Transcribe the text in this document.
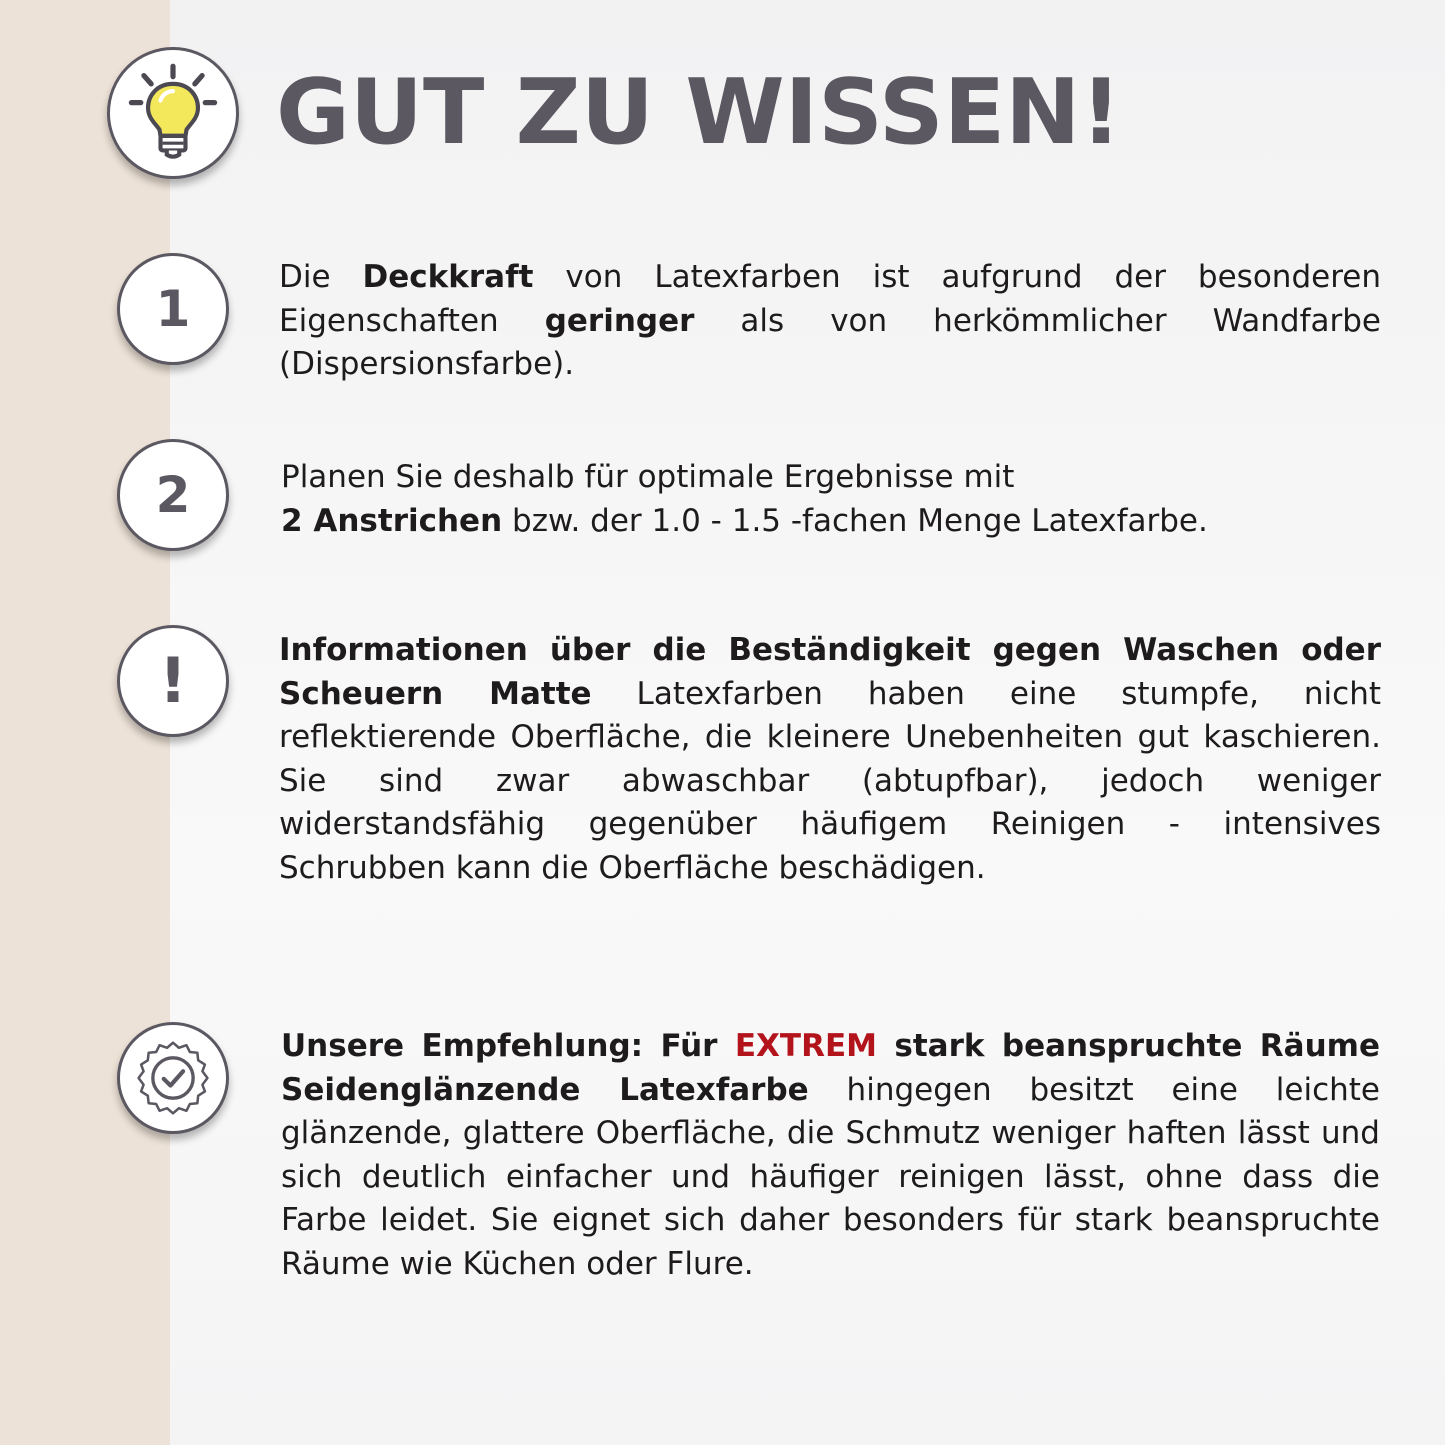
GUT ZU WISSEN!
1

Die Deckkraft von Latexfarben ist aufgrund der besonderen Eigenschaften geringer als von herkömmlicher Wandfarbe (Dispersionsfarbe).

2	Planen Sie deshalb für optimale Ergebnisse mit
2 Anstrichen bzw. der 1.0 - 1.5 -fachen Menge Latexfarbe.
!	Informationen über die Beständigkeit gegen Waschen oder Scheuern Matte Latexfarben haben eine stumpfe, nicht reflektierende Oberfläche, die kleinere Unebenheiten gut kaschieren. Sie sind zwar abwaschbar (abtupfbar), jedoch weniger widerstandsfähig gegenüber häufigem Reinigen - intensives Schrubben kann die Oberfläche beschädigen.

Unsere Empfehlung: Für EXTREM stark beanspruchte Räume Seidenglänzende Latexfarbe hingegen besitzt eine leichte glänzende, glattere Oberfläche, die Schmutz weniger haften lässt und sich deutlich einfacher und häufiger reinigen lässt, ohne dass die Farbe leidet. Sie eignet sich daher besonders für stark beanspruchte Räume wie Küchen oder Flure.
